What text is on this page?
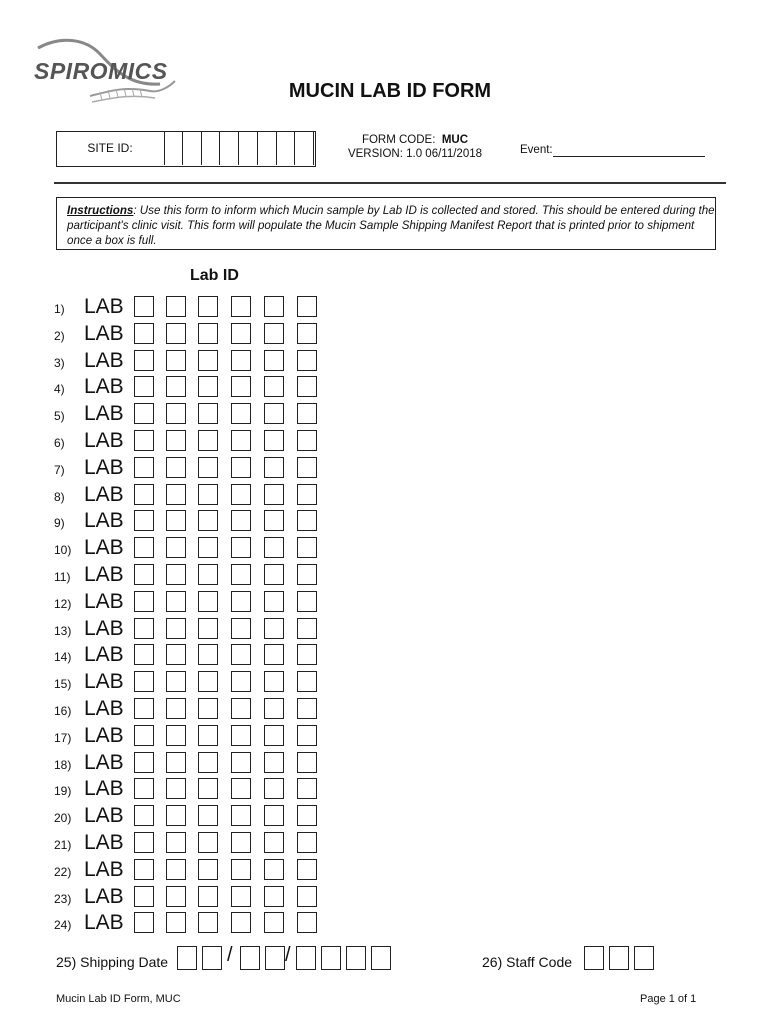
SPIROMICS
MUCIN LAB ID FORM
SITE ID:
FORM CODE: MUC
VERSION: 1.0 06/11/2018	Event:
Instructions: Use this form to inform which Mucin sample by Lab ID is collected and stored. This should be entered during the participant's clinic visit. This form will populate the Mucin Sample Shipping Manifest Report that is printed prior to shipment once a box is full.
Lab ID
1) LAB
2) LAB
3) LAB
4) LAB
5) LAB
6) LAB
7) LAB
8) LAB
9) LAB
10) LAB
11) LAB
12) LAB
13) LAB
14) LAB
15) LAB
16) LAB
17) LAB
18) LAB
19) LAB
20) LAB
21) LAB
22) LAB
23) LAB
24) LAB
25) Shipping Date	/	/	26) Staff Code
Mucin Lab ID Form, MUC	Page 1 of 1
